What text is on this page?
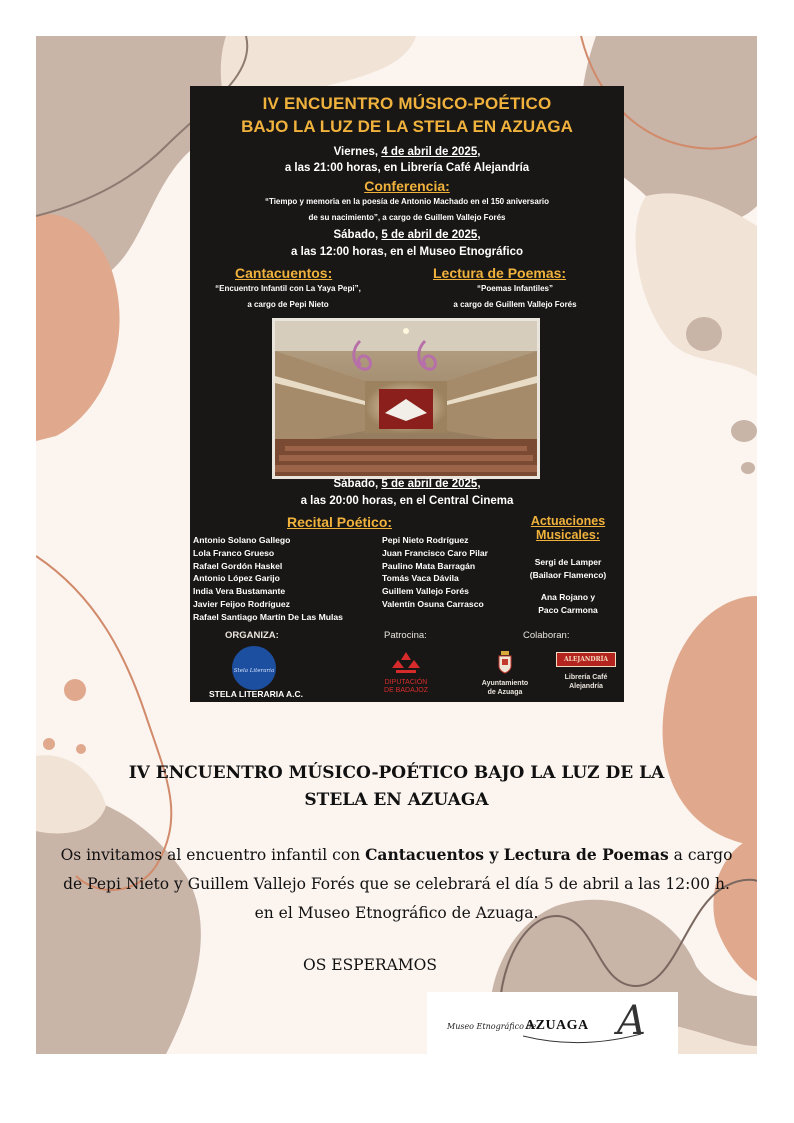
IV ENCUENTRO MÚSICO-POÉTICO
BAJO LA LUZ DE LA STELA EN AZUAGA
Viernes, 4 de abril de 2025,
a las 21:00 horas, en Librería Café Alejandría
Conferencia:
“Tiempo y memoria en la poesía de Antonio Machado en el 150 aniversario
de su nacimiento”, a cargo de Guillem Vallejo Forés
Sábado, 5 de abril de 2025,
a las 12:00 horas, en el Museo Etnográfico
Cantacuentos:
“Encuentro Infantil con La Yaya Pepi”,
a cargo de Pepi Nieto
Lectura de Poemas:
“Poemas Infantiles”
a cargo de Guillem Vallejo Forés
Sábado, 5 de abril de 2025,
a las 20:00 horas, en el Central Cinema
Recital Poético:
Antonio Solano Gallego
Lola Franco Grueso
Rafael Gordón Haskel
Antonio López Garijo
India Vera Bustamante
Javier Feijoo Rodríguez
Rafael Santiago Martín De Las Mulas
Pepi Nieto Rodríguez
Juan Francisco Caro Pilar
Paulino Mata Barragán
Tomás Vaca Dávila
Guillem Vallejo Forés
Valentín Osuna Carrasco
Actuaciones
Musicales:
Sergi de Lamper
(Bailaor Flamenco)
Ana Rojano y
Paco Carmona
ORGANIZA:	Patrocina:	Colaboran:
Stela Literaria
STELA LITERARIA A.C.
DIPUTACIÓN
DE BADAJOZ
Ayuntamiento
de Azuaga
ALEJANDRÍA
Librería Café
Alejandría
IV ENCUENTRO MÚSICO-POÉTICO BAJO LA LUZ DE LA STELA EN AZUAGA
Os invitamos al encuentro infantil con Cantacuentos y Lectura de Poemas a cargo de Pepi Nieto y Guillem Vallejo Forés que se celebrará el día 5 de abril a las 12:00 h. en el Museo Etnográfico de Azuaga.
OS ESPERAMOS
Museo Etnográfico de
AZUAGA A
